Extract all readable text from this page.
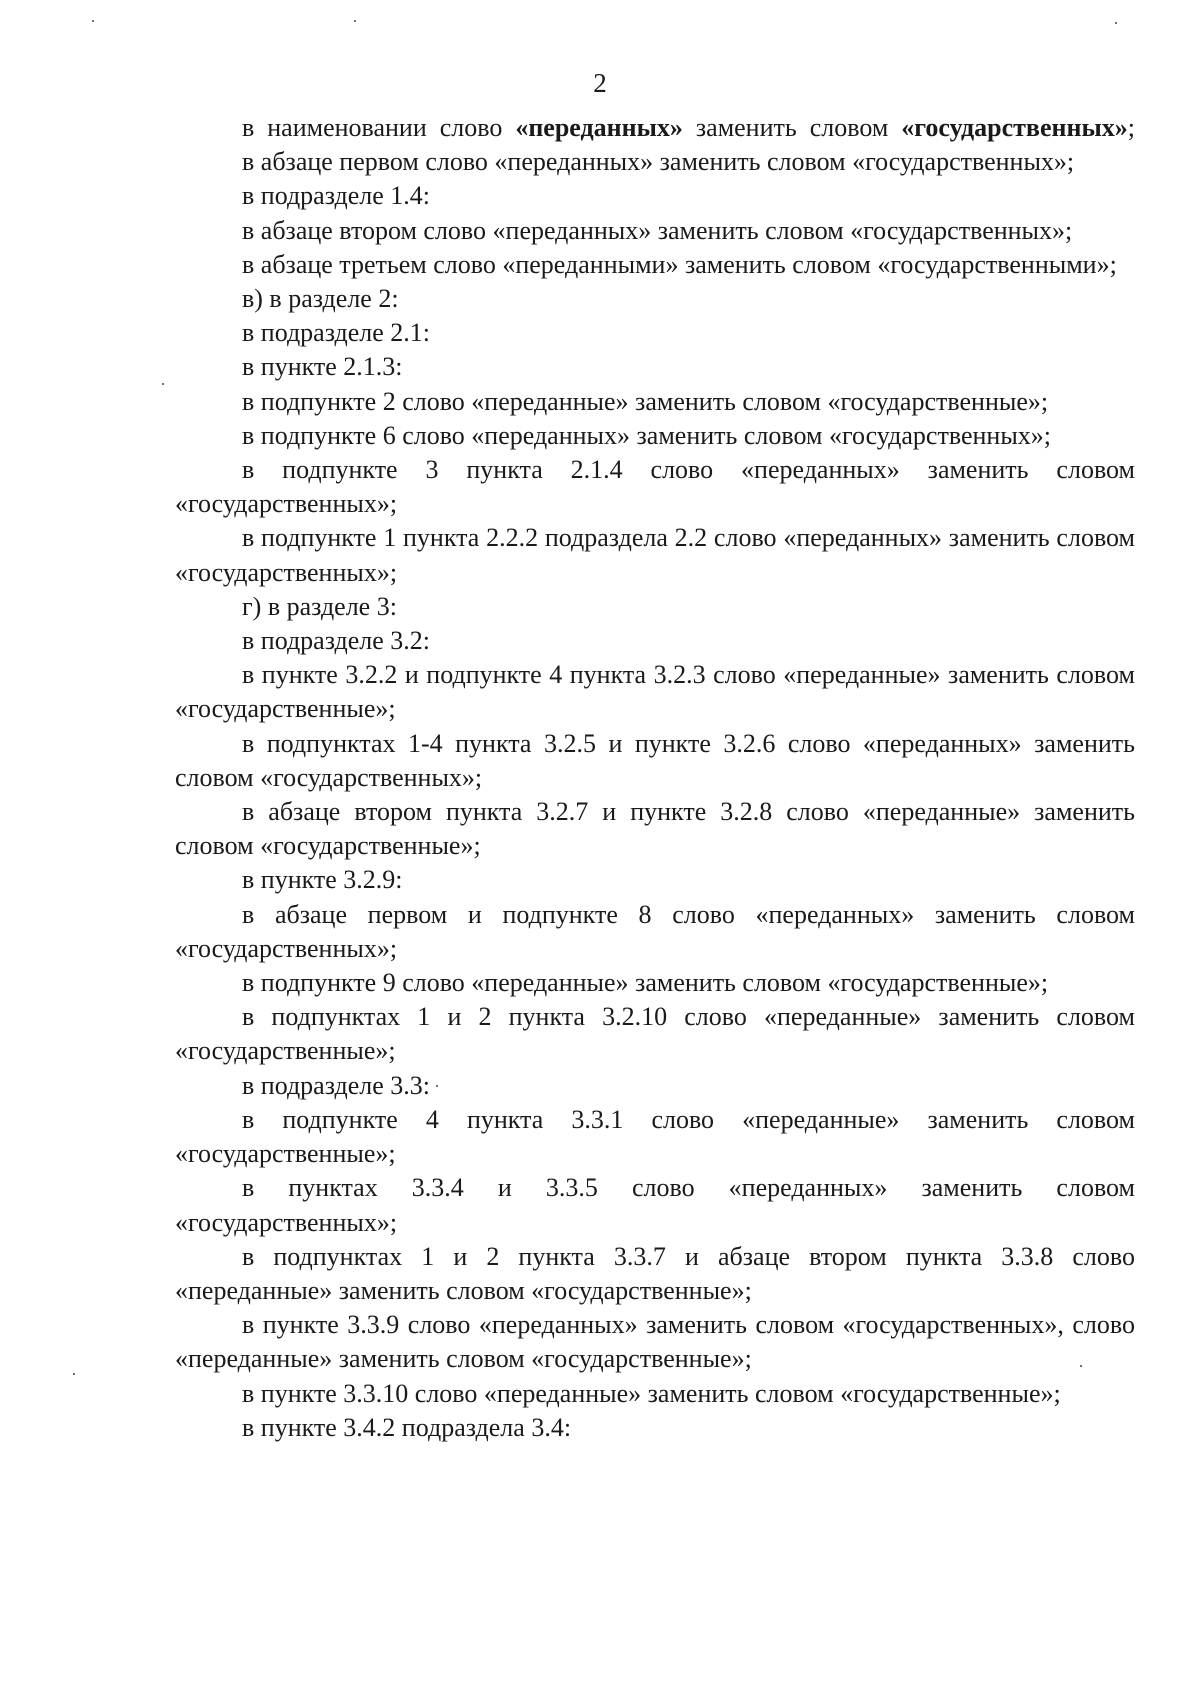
2

в наименовании слово «переданных» заменить словом «государственных»;

в абзаце первом слово «переданных» заменить словом «государственных»;

в подразделе 1.4:

в абзаце втором слово «переданных» заменить словом «государственных»;

в абзаце третьем слово «переданными» заменить словом «государственными»;

в) в разделе 2:

в подразделе 2.1:

в пункте 2.1.3:

в подпункте 2 слово «переданные» заменить словом «государственные»;

в подпункте 6 слово «переданных» заменить словом «государственных»;

в подпункте 3 пункта 2.1.4 слово «переданных» заменить словом «государственных»;

в подпункте 1 пункта 2.2.2 подраздела 2.2 слово «переданных» заменить словом «государственных»;

г) в разделе 3:

в подразделе 3.2:

в пункте 3.2.2 и подпункте 4 пункта 3.2.3 слово «переданные» заменить словом «государственные»;

в подпунктах 1-4 пункта 3.2.5 и пункте 3.2.6 слово «переданных» заменить словом «государственных»;

в абзаце втором пункта 3.2.7 и пункте 3.2.8 слово «переданные» заменить словом «государственные»;

в пункте 3.2.9:

в абзаце первом и подпункте 8 слово «переданных» заменить словом «государственных»;

в подпункте 9 слово «переданные» заменить словом «государственные»;

в подпунктах 1 и 2 пункта 3.2.10 слово «переданные» заменить словом «государственные»;

в подразделе 3.3:

в подпункте 4 пункта 3.3.1 слово «переданные» заменить словом «государственные»;

в пунктах 3.3.4 и 3.3.5 слово «переданных» заменить словом «государственных»;

в подпунктах 1 и 2 пункта 3.3.7 и абзаце втором пункта 3.3.8 слово «переданные» заменить словом «государственные»;

в пункте 3.3.9 слово «переданных» заменить словом «государственных», слово «переданные» заменить словом «государственные»;

в пункте 3.3.10 слово «переданные» заменить словом «государственные»;

в пункте 3.4.2 подраздела 3.4:
